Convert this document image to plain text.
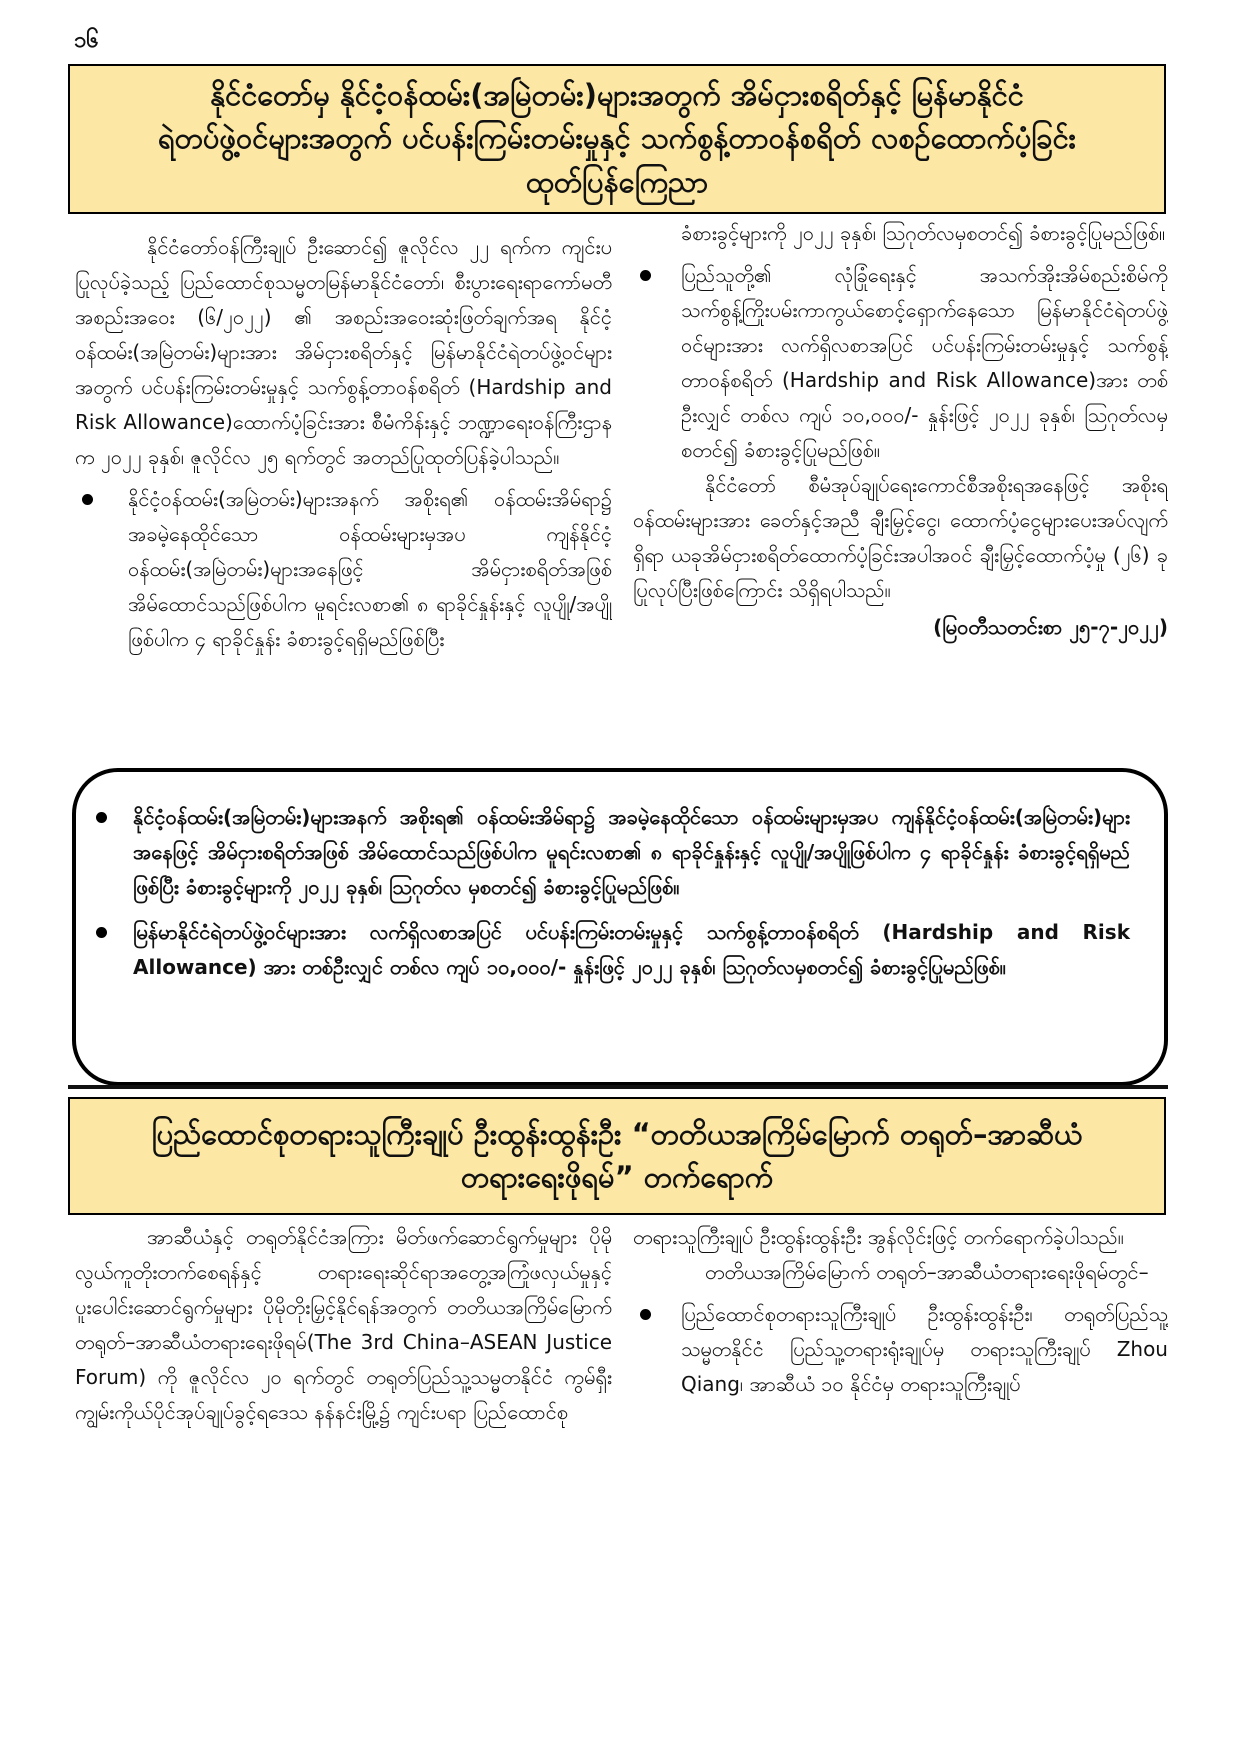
၁၆
နိုင်ငံတော်မှ နိုင်ငံ့ဝန်ထမ်း(အမြဲတမ်း)များအတွက် အိမ်ငှားစရိတ်နှင့် မြန်မာနိုင်ငံ
ရဲတပ်ဖွဲ့ဝင်များအတွက် ပင်ပန်းကြမ်းတမ်းမှုနှင့် သက်စွန့်တာဝန်စရိတ် လစဉ်ထောက်ပံ့ခြင်း
ထုတ်ပြန်ကြေညာ

နိုင်ငံတော်ဝန်ကြီးချုပ် ဦးဆောင်၍ ဇူလိုင်လ ၂၂ ရက်က ကျင်းပပြုလုပ်ခဲ့သည့် ပြည်ထောင်စုသမ္မတမြန်မာနိုင်ငံတော်၊ စီးပွားရေးရာကော်မတီအစည်းအဝေး (၆/၂၀၂၂) ၏ အစည်းအဝေးဆုံးဖြတ်ချက်အရ နိုင်ငံ့ဝန်ထမ်း(အမြဲတမ်း)များအား အိမ်ငှားစရိတ်နှင့် မြန်မာနိုင်ငံရဲတပ်ဖွဲ့ဝင်များအတွက် ပင်ပန်းကြမ်းတမ်းမှုနှင့် သက်စွန့်တာဝန်စရိတ် (Hardship and Risk Allowance)ထောက်ပံ့ခြင်းအား စီမံကိန်းနှင့် ဘဏ္ဍာရေးဝန်ကြီးဌာနက ၂၀၂၂ ခုနှစ်၊ ဇူလိုင်လ ၂၅ ရက်တွင် အတည်ပြုထုတ်ပြန်ခဲ့ပါသည်။

နိုင်ငံ့ဝန်ထမ်း(အမြဲတမ်း)များအနက် အစိုးရ၏ ဝန်ထမ်းအိမ်ရာ၌ အခမဲ့နေထိုင်သော ဝန်ထမ်းများမှအပ ကျန်နိုင်ငံ့ဝန်ထမ်း(အမြဲတမ်း)များအနေဖြင့် အိမ်ငှားစရိတ်အဖြစ် အိမ်ထောင်သည်ဖြစ်ပါက မူရင်းလစာ၏ ၈ ရာခိုင်နှုန်းနှင့် လူပျို/အပျိုဖြစ်ပါက ၄ ရာခိုင်နှုန်း ခံစားခွင့်ရရှိမည်ဖြစ်ပြီး

ခံစားခွင့်များကို ၂၀၂၂ ခုနှစ်၊ ဩဂုတ်လမှစတင်၍ ခံစားခွင့်ပြုမည်ဖြစ်။

ပြည်သူတို့၏ လုံခြုံရေးနှင့် အသက်အိုးအိမ်စည်းစိမ်ကို သက်စွန့်ကြိုးပမ်းကာကွယ်စောင့်ရှောက်နေသော မြန်မာနိုင်ငံရဲတပ်ဖွဲ့ဝင်များအား လက်ရှိလစာအပြင် ပင်ပန်းကြမ်းတမ်းမှုနှင့် သက်စွန့်တာဝန်စရိတ် (Hardship and Risk Allowance)အား တစ်ဦးလျှင် တစ်လ ကျပ် ၁၀,၀၀၀/- နှုန်းဖြင့် ၂၀၂၂ ခုနှစ်၊ ဩဂုတ်လမှ စတင်၍ ခံစားခွင့်ပြုမည်ဖြစ်။

နိုင်ငံတော် စီမံအုပ်ချုပ်ရေးကောင်စီအစိုးရအနေဖြင့် အစိုးရဝန်ထမ်းများအား ခေတ်နှင့်အညီ ချီးမြှင့်ငွေ၊ ထောက်ပံ့ငွေများပေးအပ်လျက်ရှိရာ ယခုအိမ်ငှားစရိတ်ထောက်ပံ့ခြင်းအပါအဝင် ချီးမြှင့်ထောက်ပံ့မှု (၂၆) ခု ပြုလုပ်ပြီးဖြစ်ကြောင်း သိရှိရပါသည်။

(မြဝတီသတင်းစာ ၂၅-၇-၂၀၂၂)

နိုင်ငံ့ဝန်ထမ်း(အမြဲတမ်း)များအနက် အစိုးရ၏ ဝန်ထမ်းအိမ်ရာ၌ အခမဲ့နေထိုင်သော ဝန်ထမ်းများမှအပ ကျန်နိုင်ငံ့ဝန်ထမ်း(အမြဲတမ်း)များအနေဖြင့် အိမ်ငှားစရိတ်အဖြစ် အိမ်ထောင်သည်ဖြစ်ပါက မူရင်းလစာ၏ ၈ ရာခိုင်နှုန်းနှင့် လူပျို/အပျိုဖြစ်ပါက ၄ ရာခိုင်နှုန်း ခံစားခွင့်ရရှိမည်ဖြစ်ပြီး ခံစားခွင့်များကို ၂၀၂၂ ခုနှစ်၊ ဩဂုတ်လ မှစတင်၍ ခံစားခွင့်ပြုမည်ဖြစ်။
မြန်မာနိုင်ငံရဲတပ်ဖွဲ့ဝင်များအား လက်ရှိလစာအပြင် ပင်ပန်းကြမ်းတမ်းမှုနှင့် သက်စွန့်တာဝန်စရိတ် (Hardship and Risk Allowance) အား တစ်ဦးလျှင် တစ်လ ကျပ် ၁၀,၀၀၀/- နှုန်းဖြင့် ၂၀၂၂ ခုနှစ်၊ ဩဂုတ်လမှစတင်၍ ခံစားခွင့်ပြုမည်ဖြစ်။
ပြည်ထောင်စုတရားသူကြီးချုပ် ဦးထွန်းထွန်းဦး “တတိယအကြိမ်မြောက် တရုတ်–အာဆီယံ
တရားရေးဖိုရမ်” တက်ရောက်

အာဆီယံနှင့် တရုတ်နိုင်ငံအကြား မိတ်ဖက်ဆောင်ရွက်မှုများ ပိုမိုလွယ်ကူတိုးတက်စေရန်နှင့် တရားရေးဆိုင်ရာအတွေ့အကြုံဖလှယ်မှုနှင့် ပူးပေါင်းဆောင်ရွက်မှုများ ပိုမိုတိုးမြှင့်နိုင်ရန်အတွက် တတိယအကြိမ်မြောက် တရုတ်–အာဆီယံတရားရေးဖိုရမ်(The 3rd China–ASEAN Justice Forum) ကို ဇူလိုင်လ ၂၀ ရက်တွင် တရုတ်ပြည်သူ့သမ္မတနိုင်ငံ ကွမ်ရှီးကျွမ်းကိုယ်ပိုင်အုပ်ချုပ်ခွင့်ရဒေသ နန်နင်းမြို့၌ ကျင်းပရာ ပြည်ထောင်စု

တရားသူကြီးချုပ် ဦးထွန်းထွန်းဦး အွန်လိုင်းဖြင့် တက်ရောက်ခဲ့ပါသည်။

တတိယအကြိမ်မြောက် တရုတ်–အာဆီယံတရားရေးဖိုရမ်တွင်–

ပြည်ထောင်စုတရားသူကြီးချုပ် ဦးထွန်းထွန်းဦး၊ တရုတ်ပြည်သူ့သမ္မတနိုင်ငံ ပြည်သူ့တရားရုံးချုပ်မှ တရားသူကြီးချုပ် Zhou Qiang၊ အာဆီယံ ၁၀ နိုင်ငံမှ တရားသူကြီးချုပ်
